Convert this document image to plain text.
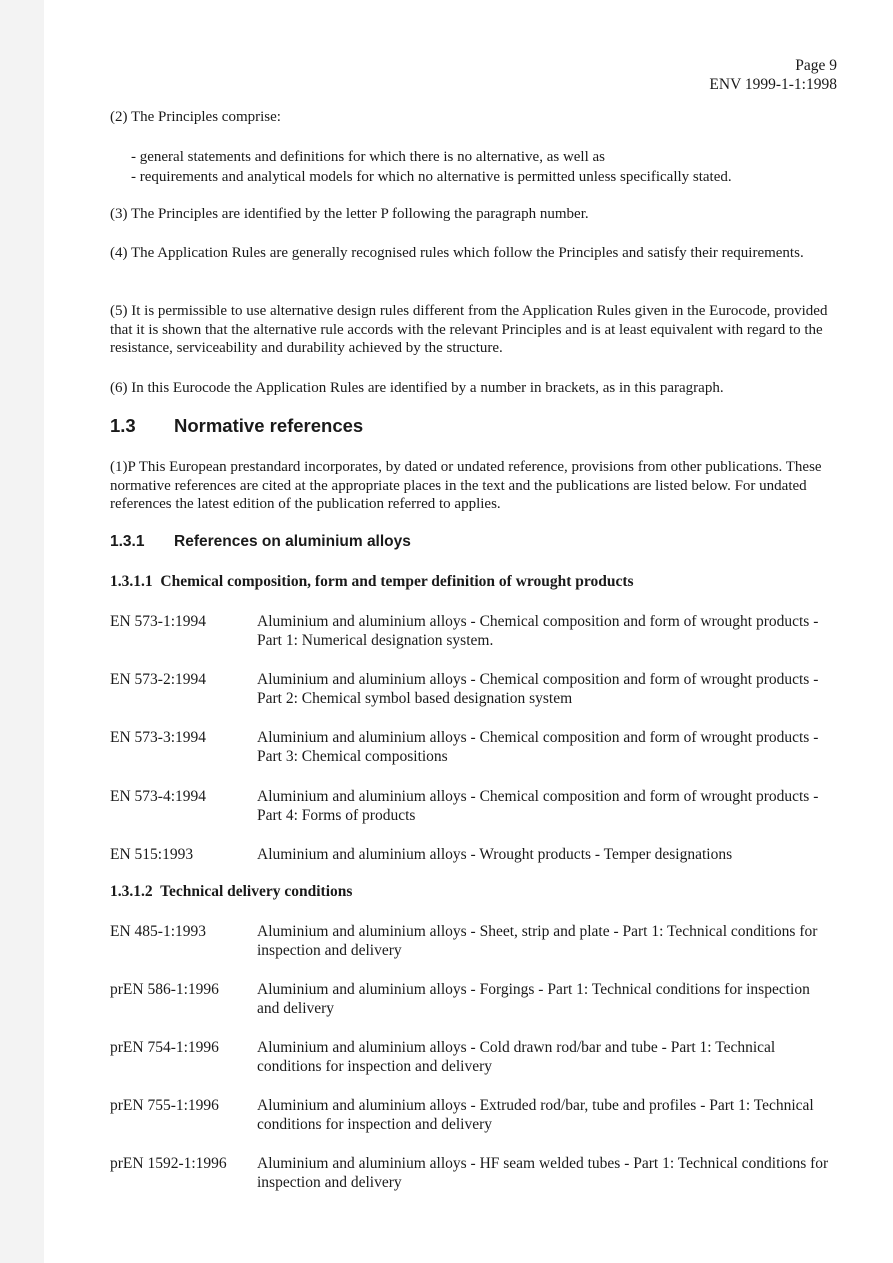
Page 9
ENV 1999-1-1:1998

(2) The Principles comprise:

- general statements and definitions for which there is no alternative, as well as
- requirements and analytical models for which no alternative is permitted unless specifically stated.

(3) The Principles are identified by the letter P following the paragraph number.

(4) The Application Rules are generally recognised rules which follow the Principles and satisfy their requirements.

(5) It is permissible to use alternative design rules different from the Application Rules given in the Eurocode, provided that it is shown that the alternative rule accords with the relevant Principles and is at least equivalent with regard to the resistance, serviceability and durability achieved by the structure.

(6) In this Eurocode the Application Rules are identified by a number in brackets, as in this paragraph.

1.3 Normative references

(1)P This European prestandard incorporates, by dated or undated reference, provisions from other publications. These normative references are cited at the appropriate places in the text and the publications are listed below. For undated references the latest edition of the publication referred to applies.

1.3.1 References on aluminium alloys
1.3.1.1  Chemical composition, form and temper definition of wrought products
EN 573-1:1994	Aluminium and aluminium alloys - Chemical composition and form of wrought products - Part 1: Numerical designation system.
EN 573-2:1994	Aluminium and aluminium alloys - Chemical composition and form of wrought products - Part 2: Chemical symbol based designation system
EN 573-3:1994	Aluminium and aluminium alloys - Chemical composition and form of wrought products - Part 3: Chemical compositions
EN 573-4:1994	Aluminium and aluminium alloys - Chemical composition and form of wrought products - Part 4: Forms of products
EN 515:1993	Aluminium and aluminium alloys - Wrought products - Temper designations
1.3.1.2  Technical delivery conditions
EN 485-1:1993	Aluminium and aluminium alloys - Sheet, strip and plate - Part 1: Technical conditions for inspection and delivery
prEN 586-1:1996	Aluminium and aluminium alloys - Forgings - Part 1: Technical conditions for inspection and delivery
prEN 754-1:1996	Aluminium and aluminium alloys - Cold drawn rod/bar and tube - Part 1: Technical conditions for inspection and delivery
prEN 755-1:1996	Aluminium and aluminium alloys - Extruded rod/bar, tube and profiles - Part 1: Technical conditions for inspection and delivery
prEN 1592-1:1996	Aluminium and aluminium alloys - HF seam welded tubes - Part 1: Technical conditions for inspection and delivery
